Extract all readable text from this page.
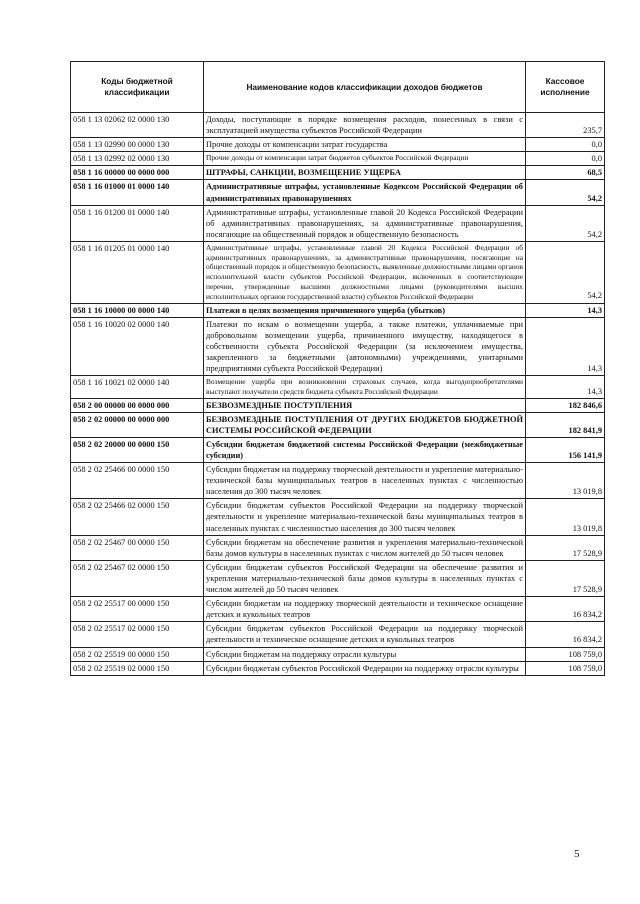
Коды бюджетной классификации	Наименование кодов классификации доходов бюджетов	Кассовое исполнение
058 1 13 02062 02 0000 130	Доходы, поступающие в порядке возмещения расходов, понесенных в связи с эксплуатацией имущества субъектов Российской Федерации	235,7
058 1 13 02990 00 0000 130	Прочие доходы от компенсации затрат государства	0,0
058 1 13 02992 02 0000 130	Прочие доходы от компенсации затрат бюджетов субъектов Российской Федерации	0,0
058 1 16 00000 00 0000 000	ШТРАФЫ, САНКЦИИ, ВОЗМЕЩЕНИЕ УЩЕРБА	68,5
058 1 16 01000 01 0000 140	Административные штрафы, установленные Кодексом Российской Федерации об административных правонарушениях	54,2
058 1 16 01200 01 0000 140	Административные штрафы, установленные главой 20 Кодекса Российской Федерации об административных правонарушениях, за административные правонарушения, посягающие на общественный порядок и общественную безопасность	54,2
058 1 16 01205 01 0000 140	Административные штрафы, установленные главой 20 Кодекса Российской Федерации об административных правонарушениях, за административные правонарушения, посягающие на общественный порядок и общественную безопасность, выявленные должностными лицами органов исполнительной власти субъектов Российской Федерации, включенных в соответствующие перечни, утвержденные высшими должностными лицами (руководителями высших исполнительных органов государственной власти) субъектов Российской Федерации	54,2
058 1 16 10000 00 0000 140	Платежи в целях возмещения причиненного ущерба (убытков)	14,3
058 1 16 10020 02 0000 140	Платежи по искам о возмещении ущерба, а также платежи, уплачиваемые при добровольном возмещении ущерба, причиненного имуществу, находящегося в собственности субъекта Российской Федерации (за исключением имущества, закрепленного за бюджетными (автономными) учреждениями, унитарными предприятиями субъекта Российской Федерации)	14,3
058 1 16 10021 02 0000 140	Возмещение ущерба при возникновении страховых случаев, когда выгодоприобретателями выступают получатели средств бюджета субъекта Российской Федерации	14,3
058 2 00 00000 00 0000 000	БЕЗВОЗМЕЗДНЫЕ ПОСТУПЛЕНИЯ	182 846,6
058 2 02 00000 00 0000 000	БЕЗВОЗМЕЗДНЫЕ ПОСТУПЛЕНИЯ ОТ ДРУГИХ БЮДЖЕТОВ БЮДЖЕТНОЙ СИСТЕМЫ РОССИЙСКОЙ ФЕДЕРАЦИИ	182 841,9
058 2 02 20000 00 0000 150	Субсидии бюджетам бюджетной системы Российской Федерации (межбюджетные субсидии)	156 141,9
058 2 02 25466 00 0000 150	Субсидии бюджетам на поддержку творческой деятельности и укрепление материально-технической базы муниципальных театров в населенных пунктах с численностью населения до 300 тысяч человек	13 019,8
058 2 02 25466 02 0000 150	Субсидии бюджетам субъектов Российской Федерации на поддержку творческой деятельности и укрепление материально-технической базы муниципальных театров в населенных пунктах с численностью населения до 300 тысяч человек	13 019,8
058 2 02 25467 00 0000 150	Субсидии бюджетам на обеспечение развития и укрепления материально-технической базы домов культуры в населенных пунктах с числом жителей до 50 тысяч человек	17 528,9
058 2 02 25467 02 0000 150	Субсидии бюджетам субъектов Российской Федерации на обеспечение развития и укрепления материально-технической базы домов культуры в населенных пунктах с числом жителей до 50 тысяч человек	17 528,9
058 2 02 25517 00 0000 150	Субсидии бюджетам на поддержку творческой деятельности и техническое оснащение детских и кукольных театров	16 834,2
058 2 02 25517 02 0000 150	Субсидии бюджетам субъектов Российской Федерации на поддержку творческой деятельности и техническое оснащение детских и кукольных театров	16 834,2
058 2 02 25519 00 0000 150	Субсидии бюджетам на поддержку отрасли культуры	108 759,0
058 2 02 25519 02 0000 150	Субсидии бюджетам субъектов Российской Федерации на поддержку отрасли культуры	108 759,0
5
